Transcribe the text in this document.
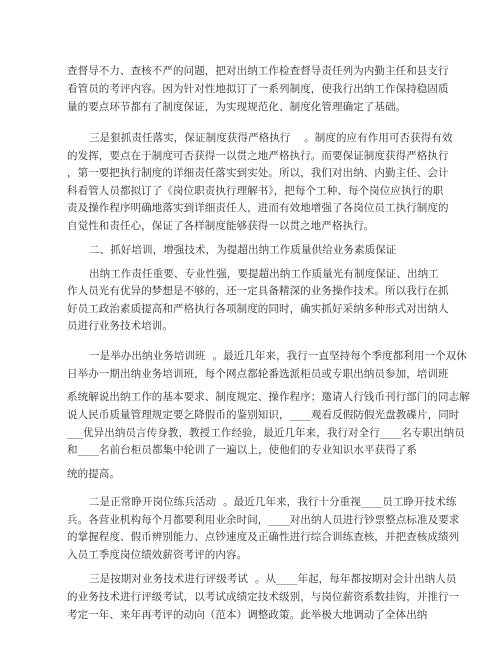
查督导不力、查核不严的问题，把对出纳工作检查督导责任列为内勤主任和县支行
看管员的考评内容。因为针对性地拟订了一系列制度，使我行出纳工作保持稳固质
量的要点环节都有了制度保证，为实现规范化、制度化管理确定了基础。
三是狠抓责任落实，保证制度获得严格执行    。制度的应有作用可否获得有效
的发挥，要点在于制度可否获得一以贯之地严格执行。而要保证制度获得严格执行
，第一要把执行制度的详细责任落实到实处。所以，我们对出纳、内勤主任、会计
科看管人员都拟订了《岗位职责执行理解书》，把每个工种、每个岗位应执行的职
责及操作程序明确地落实到详细责任人，进而有效地增强了各岗位员工执行制度的
自觉性和责任心，保证了各样制度能够获得一以贯之地严格执行。
二、抓好培训，增强技术，为提超出纳工作质量供给业务素质保证
出纳工作责任重要、专业性强，要提超出纳工作质量光有制度保证、出纳工
作人员光有优异的梦想是不够的，还一定具备精深的业务操作技术。所以我行在抓
好员工政治素质提高和严格执行各项制度的同时，确实抓好采纳多种形式对出纳人
员进行业务技术培训。
一是举办出纳业务培训班  。最近几年来，我行一直坚持每个季度都利用一个双休
日举办一期出纳业务培训班，每个网点都轮番选派柜员或专职出纳员参加，培训班
系统解说出纳工作的基本要求、制度规定、操作程序；邀请人行钱币刊行部门的同志解
说人民币质量管理规定要乞降假币的鉴别知识，____观看反假防假光盘教碟片，同时
___优异出纳员言传身教，教授工作经验，最近几年来，我行对全行____名专职出纳员
和____名前台柜员都集中轮训了一遍以上，使他们的专业知识水平获得了系
统的提高。
二是正常睁开岗位练兵活动  。最近几年来，我行十分重视____员工睁开技术练
兵。各营业机构每个月都要利用业余时间，____对出纳人员进行钞票整点标准及要求
的掌握程度、假币辨别能力、点钞速度及正确性进行综合训练查核，并把查核成绩列
入员工季度岗位绩效薪资考评的内容。
三是按期对业务技术进行评级考试  。从____年起，每年都按期对会计出纳人员
的业务技术进行评级考试，以考试成绩定技术级别，与岗位薪资系数挂钩，并推行一
考定一年、来年再考评的动向（范本）调整政策。此举极大地调动了全体出纳
